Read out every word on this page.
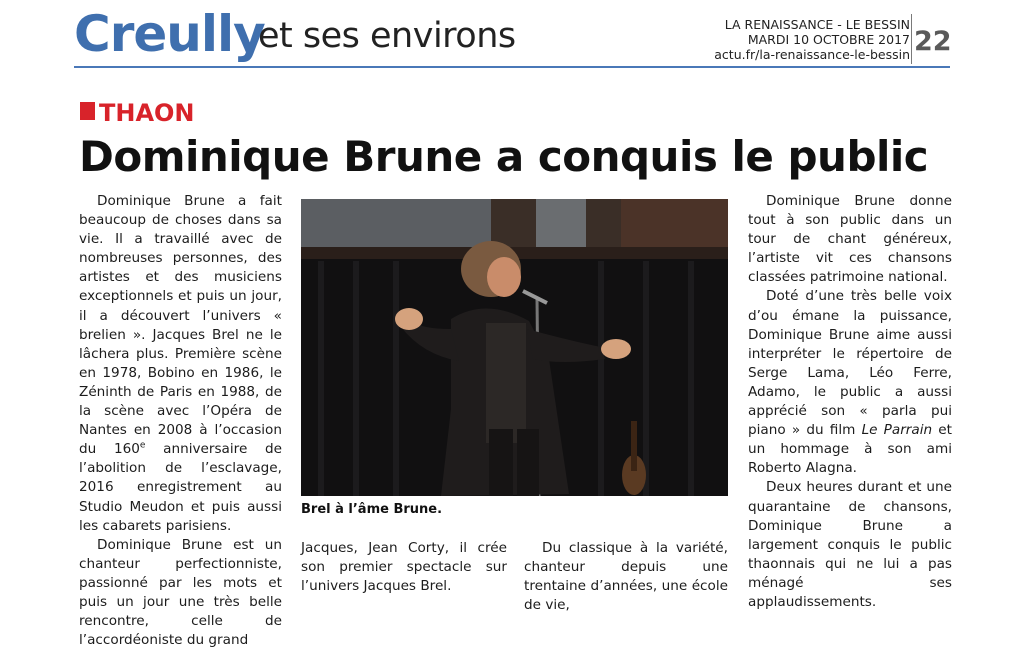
Creully
et ses environs	LA RENAISSANCE - LE BESSIN
MARDI 10 OCTOBRE 2017
actu.fr/la-renaissance-le-bessin 22
THAON
Dominique Brune a conquis le public

Dominique Brune a fait beaucoup de choses dans sa vie. Il a travaillé avec de nombreuses personnes, des artistes et des musiciens exceptionnels et puis un jour, il a découvert l’univers « brelien ». Jacques Brel ne le lâchera plus. Première scène en 1978, Bobino en 1986, le Zéninth de Paris en 1988, de la scène avec l’Opéra de Nantes en 2008 à l’occasion du 160e anniversaire de l’abolition de l’esclavage, 2016 enregistrement au Studio Meudon et puis aussi les cabarets parisiens.

Dominique Brune est un chanteur perfectionniste, passionné par les mots et puis un jour une très belle rencontre, celle de l’accordéoniste du grand

Brel à l’âme Brune.

Jacques, Jean Corty, il crée son premier spectacle sur l’univers Jacques Brel.

Du classique à la variété, chanteur depuis une trentaine d’années, une école de vie,

Dominique Brune donne tout à son public dans un tour de chant généreux, l’artiste vit ces chansons classées patrimoine national.

Doté d’une très belle voix d’ou émane la puissance, Dominique Brune aime aussi interpréter le répertoire de Serge Lama, Léo Ferre, Adamo, le public a aussi apprécié son « parla pui piano » du film Le Parrain et un hommage à son ami Roberto Alagna.

Deux heures durant et une quarantaine de chansons, Dominique Brune a largement conquis le public thaonnais qui ne lui a pas ménagé ses applaudissements.
